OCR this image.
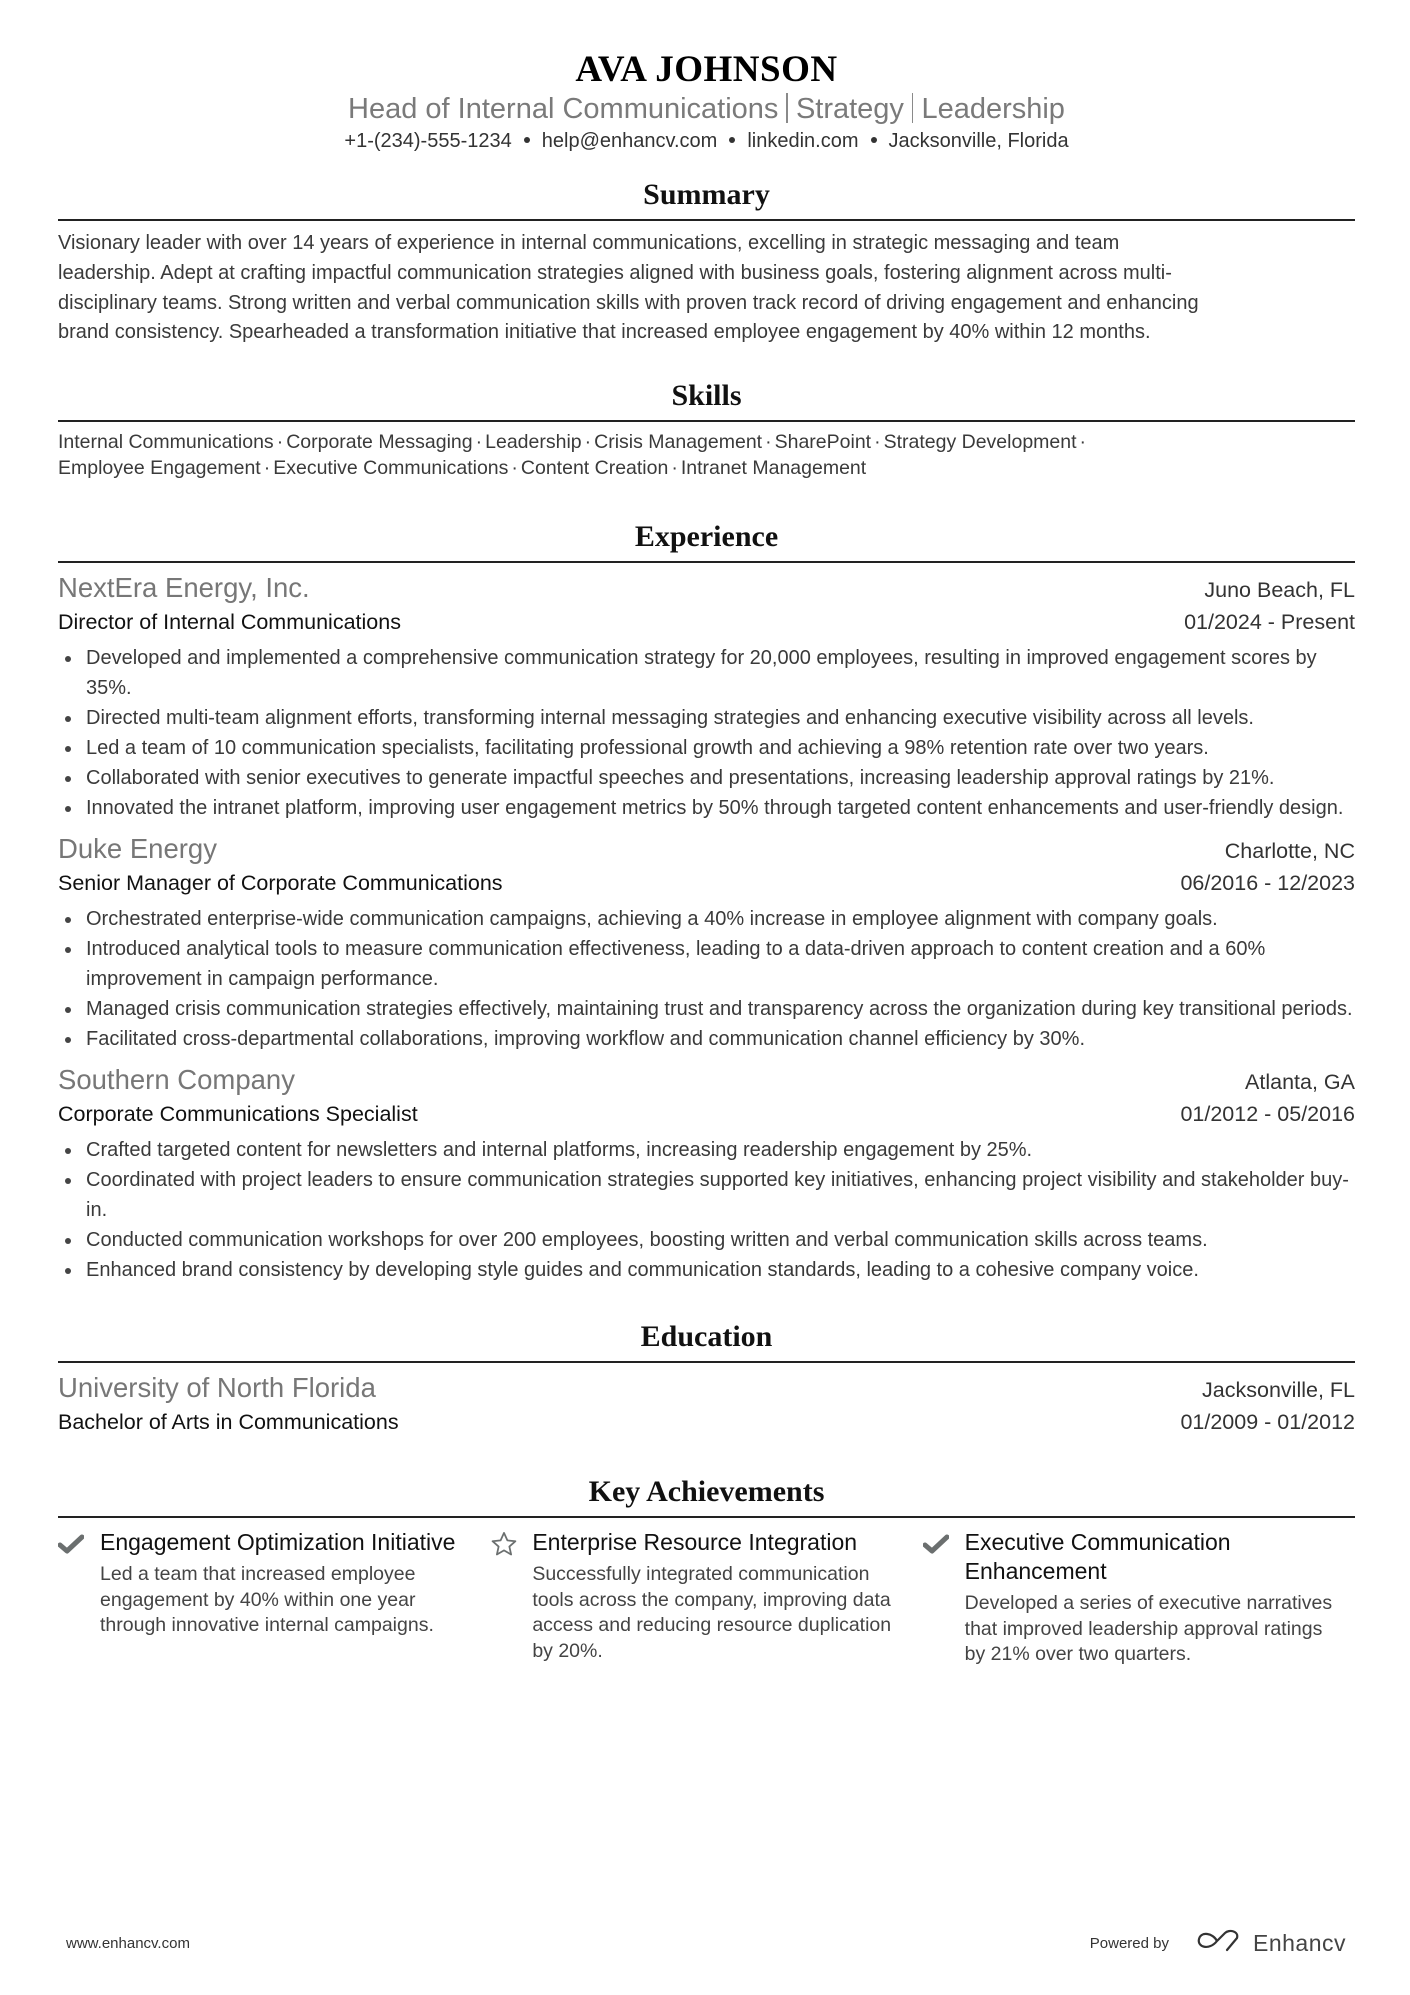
AVA JOHNSON
Head of Internal Communications Strategy Leadership
+1-(234)-555-1234 help@enhancv.com linkedin.com Jacksonville, Florida
Summary
Visionary leader with over 14 years of experience in internal communications, excelling in strategic messaging and team
leadership. Adept at crafting impactful communication strategies aligned with business goals, fostering alignment across multi-
disciplinary teams. Strong written and verbal communication skills with proven track record of driving engagement and enhancing
brand consistency. Spearheaded a transformation initiative that increased employee engagement by 40% within 12 months.
Skills
Internal Communications · Corporate Messaging · Leadership · Crisis Management · SharePoint · Strategy Development ·
Employee Engagement · Executive Communications · Content Creation · Intranet Management
Experience
NextEra Energy, Inc.	Juno Beach, FL
Director of Internal Communications	01/2024 - Present
Developed and implemented a comprehensive communication strategy for 20,000 employees, resulting in improved engagement scores by 35%.
Directed multi-team alignment efforts, transforming internal messaging strategies and enhancing executive visibility across all levels.
Led a team of 10 communication specialists, facilitating professional growth and achieving a 98% retention rate over two years.
Collaborated with senior executives to generate impactful speeches and presentations, increasing leadership approval ratings by 21%.
Innovated the intranet platform, improving user engagement metrics by 50% through targeted content enhancements and user-friendly design.
Duke Energy	Charlotte, NC
Senior Manager of Corporate Communications	06/2016 - 12/2023
Orchestrated enterprise-wide communication campaigns, achieving a 40% increase in employee alignment with company goals.
Introduced analytical tools to measure communication effectiveness, leading to a data-driven approach to content creation and a 60% improvement in campaign performance.
Managed crisis communication strategies effectively, maintaining trust and transparency across the organization during key transitional periods.
Facilitated cross-departmental collaborations, improving workflow and communication channel efficiency by 30%.
Southern Company	Atlanta, GA
Corporate Communications Specialist	01/2012 - 05/2016
Crafted targeted content for newsletters and internal platforms, increasing readership engagement by 25%.
Coordinated with project leaders to ensure communication strategies supported key initiatives, enhancing project visibility and stakeholder buy-in.
Conducted communication workshops for over 200 employees, boosting written and verbal communication skills across teams.
Enhanced brand consistency by developing style guides and communication standards, leading to a cohesive company voice.
Education
University of North Florida	Jacksonville, FL
Bachelor of Arts in Communications	01/2009 - 01/2012
Key Achievements
Engagement Optimization Initiative
Led a team that increased employee engagement by 40% within one year through innovative internal campaigns.
Enterprise Resource Integration
Successfully integrated communication tools across the company, improving data access and reducing resource duplication by 20%.
Executive Communication Enhancement
Developed a series of executive narratives that improved leadership approval ratings by 21% over two quarters.
www.enhancv.com	Powered by	Enhancv
